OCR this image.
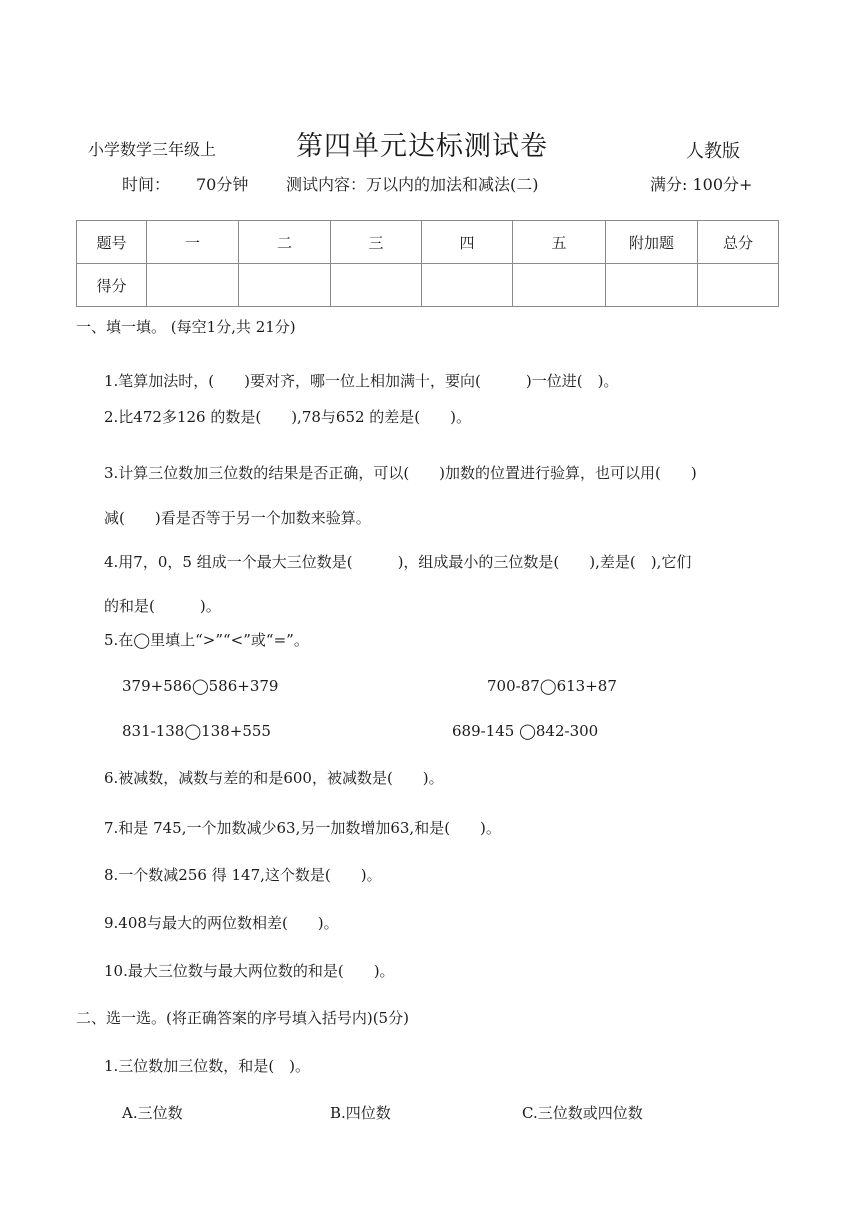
小学数学三年级上	第四单元达标测试卷	人教版
时间： 70分钟 测试内容：万以内的加法和减法(二)	满分: 100分+
题号	一	二	三	四	五	附加题	总分
得分							
一、填一填。 (每空1分,共 21分)
1.笔算加法时，(　　)要对齐，哪一位上相加满十，要向(　　　)一位进(　)。
2.比472多126 的数是(　　),78与652 的差是(　　)。
3.计算三位数加三位数的结果是否正确，可以(　　)加数的位置进行验算，也可以用(　　)
减(　　)看是否等于另一个加数来验算。
4.用7，0，5 组成一个最大三位数是(　　　)，组成最小的三位数是(　　),差是(　),它们
的和是(　　　)。
5.在◯里填上“>”“<”或“=”。
379+586◯586+379	700-87◯613+87
831-138◯138+555	689-145 ◯842-300
6.被减数，减数与差的和是600，被减数是(　　)。
7.和是 745,一个加数减少63,另一加数增加63,和是(　　)。
8.一个数减256 得 147,这个数是(　　)。
9.408与最大的两位数相差(　　)。
10.最大三位数与最大两位数的和是(　　)。
二、选一选。(将正确答案的序号填入括号内)(5分)
1.三位数加三位数，和是(　)。
A.三位数	B.四位数	C.三位数或四位数
